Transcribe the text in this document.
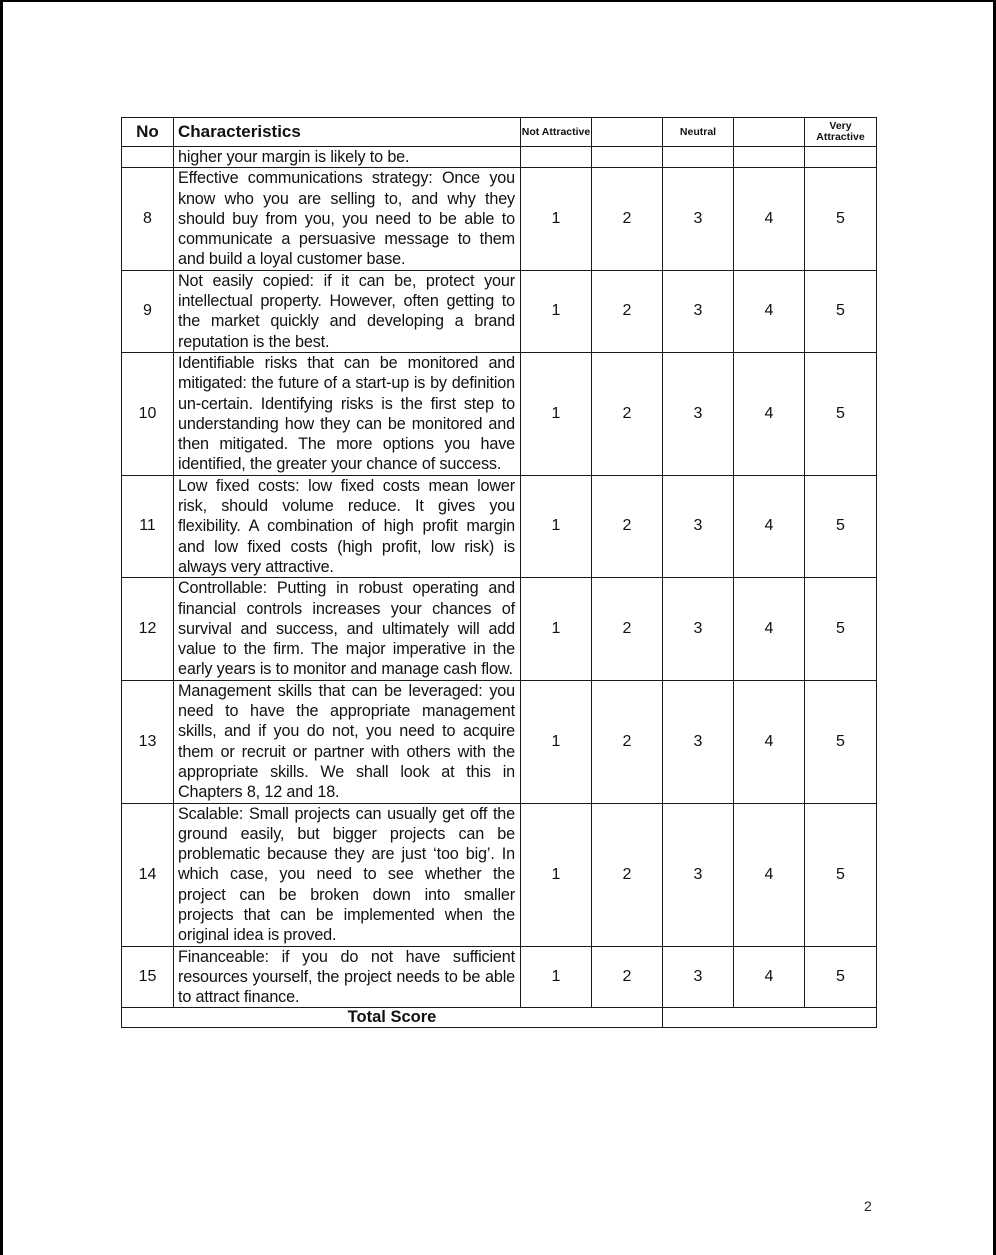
No	Characteristics	Not Attractive		Neutral		Very Attractive
	higher your margin is likely to be.					
8	Effective communications strategy: Once you know who you are selling to, and why they should buy from you, you need to be able to communicate a persuasive message to them and build a loyal customer base.	1	2	3	4	5
9	Not easily copied: if it can be, protect your intellectual property. However, often getting to the market quickly and developing a brand reputation is the best.	1	2	3	4	5
10	Identifiable risks that can be monitored and mitigated: the future of a start-up is by definition un-certain. Identifying risks is the first step to understanding how they can be monitored and then mitigated. The more options you have identified, the greater your chance of success.	1	2	3	4	5
11	Low fixed costs: low fixed costs mean lower risk, should volume reduce. It gives you flexibility. A combination of high profit margin and low fixed costs (high profit, low risk) is always very attractive.	1	2	3	4	5
12	Controllable: Putting in robust operating and financial controls increases your chances of survival and success, and ultimately will add value to the firm. The major imperative in the early years is to monitor and manage cash flow.	1	2	3	4	5
13	Management skills that can be leveraged: you need to have the appropriate management skills, and if you do not, you need to acquire them or recruit or partner with others with the appropriate skills. We shall look at this in Chapters 8, 12 and 18.	1	2	3	4	5
14	Scalable: Small projects can usually get off the ground easily, but bigger projects can be problematic because they are just ‘too big’. In which case, you need to see whether the project can be broken down into smaller projects that can be implemented when the original idea is proved.	1	2	3	4	5
15	Financeable: if you do not have sufficient resources yourself, the project needs to be able to attract finance.	1	2	3	4	5
Total Score						
2
